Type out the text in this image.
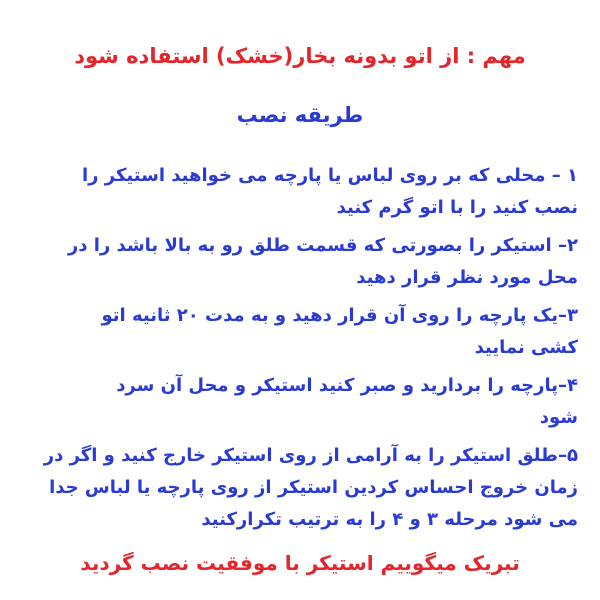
مهم : از اتو بدونه بخار(خشک) استفاده شود
طریقه نصب
۱ – محلی که بر روی لباس یا پارچه می خواهید استیکر را
نصب کنید را با اتو گرم کنید
۲– استیکر را بصورتی که قسمت طلق رو به بالا باشد را در
محل مورد نظر قرار دهید
۳–یک پارچه را روی آن قرار دهید و به مدت ۲۰ ثانیه اتو
کشی نمایید
۴–پارچه را بردارید و صبر کنید استیکر و محل آن سرد
شود
۵–طلق استیکر را به آرامی از روی استیکر خارج کنید و اگر در
زمان خروج احساس کردین استیکر از روی پارچه یا لباس جدا
می شود مرحله ۳ و ۴ را به ترتیب تکرارکنید
تبریک میگوییم استیکر با موفقیت نصب گردید
